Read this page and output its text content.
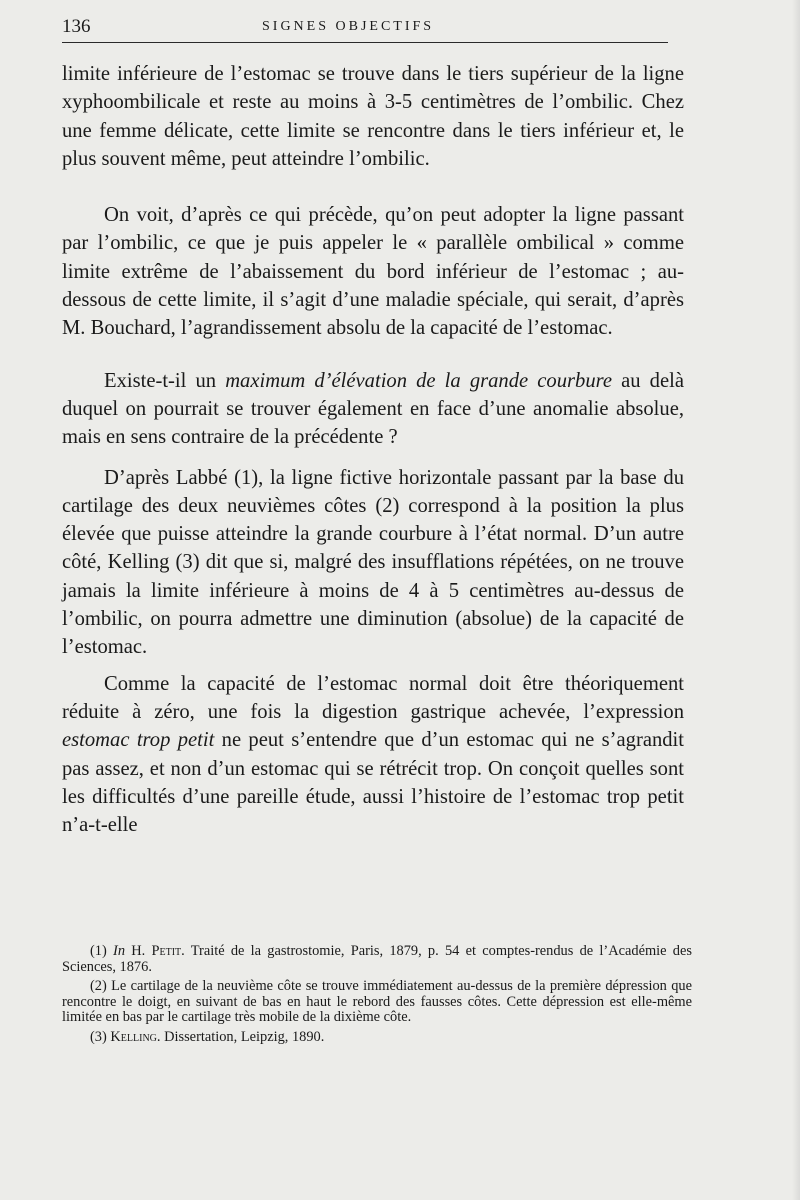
136	SIGNES OBJECTIFS

limite inférieure de l’estomac se trouve dans le tiers supérieur de la ligne xyphoombilicale et reste au moins à 3-5 centimètres de l’ombilic. Chez une femme délicate, cette limite se rencontre dans le tiers inférieur et, le plus souvent même, peut atteindre l’ombilic.

On voit, d’après ce qui précède, qu’on peut adopter la ligne passant par l’ombilic, ce que je puis appeler le « parallèle ombilical » comme limite extrême de l’abaissement du bord inférieur de l’estomac ; au-dessous de cette limite, il s’agit d’une maladie spéciale, qui serait, d’après M. Bouchard, l’agrandissement absolu de la capacité de l’estomac.

Existe-t-il un maximum d’élévation de la grande courbure au delà duquel on pourrait se trouver également en face d’une anomalie absolue, mais en sens contraire de la précédente ?

D’après Labbé (1), la ligne fictive horizontale passant par la base du cartilage des deux neuvièmes côtes (2) correspond à la position la plus élevée que puisse atteindre la grande courbure à l’état normal. D’un autre côté, Kelling (3) dit que si, malgré des insufflations répétées, on ne trouve jamais la limite inférieure à moins de 4 à 5 centimètres au-dessus de l’ombilic, on pourra admettre une diminution (absolue) de la capacité de l’estomac.

Comme la capacité de l’estomac normal doit être théoriquement réduite à zéro, une fois la digestion gastrique achevée, l’expression estomac trop petit ne peut s’entendre que d’un estomac qui ne s’agrandit pas assez, et non d’un estomac qui se rétrécit trop. On conçoit quelles sont les difficultés d’une pareille étude, aussi l’histoire de l’estomac trop petit n’a-t-elle

(1) In H. Petit. Traité de la gastrostomie, Paris, 1879, p. 54 et comptes-rendus de l’Académie des Sciences, 1876.

(2) Le cartilage de la neuvième côte se trouve immédiatement au-dessus de la première dépression que rencontre le doigt, en suivant de bas en haut le rebord des fausses côtes. Cette dépression est elle-même limitée en bas par le cartilage très mobile de la dixième côte.

(3) Kelling. Dissertation, Leipzig, 1890.
